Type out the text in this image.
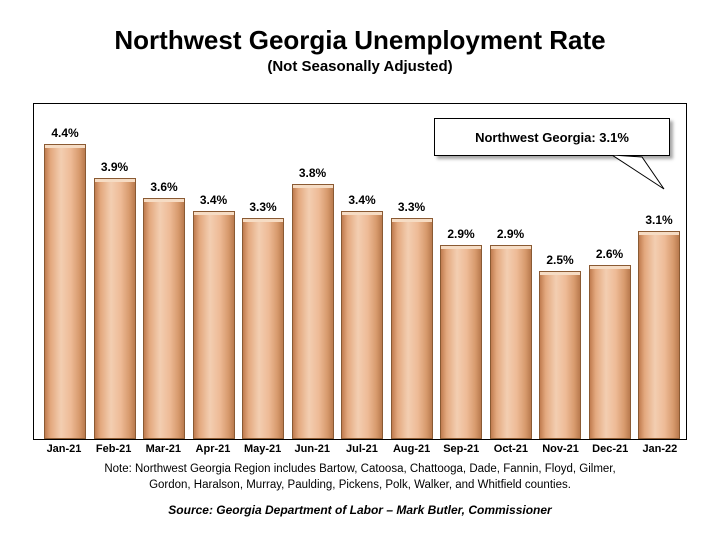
Northwest Georgia Unemployment Rate
(Not Seasonally Adjusted)
4.4%
3.9%
3.6%
3.4%	3.3%
3.8%
3.4%	3.3%
2.9%	2.9%
2.5%	2.6%
3.1%
Jan-21	Feb-21 Mar-21	Apr-21	May-21 Jun-21	Jul-21	Aug-21 Sep-21	Oct-21	Nov-21 Dec-21	Jan-22
Northwest Georgia: 3.1%
Note: Northwest Georgia Region includes Bartow, Catoosa, Chattooga, Dade, Fannin, Floyd, Gilmer,
Gordon, Haralson, Murray, Paulding, Pickens, Polk, Walker, and Whitfield counties.
Source: Georgia Department of Labor – Mark Butler, Commissioner
